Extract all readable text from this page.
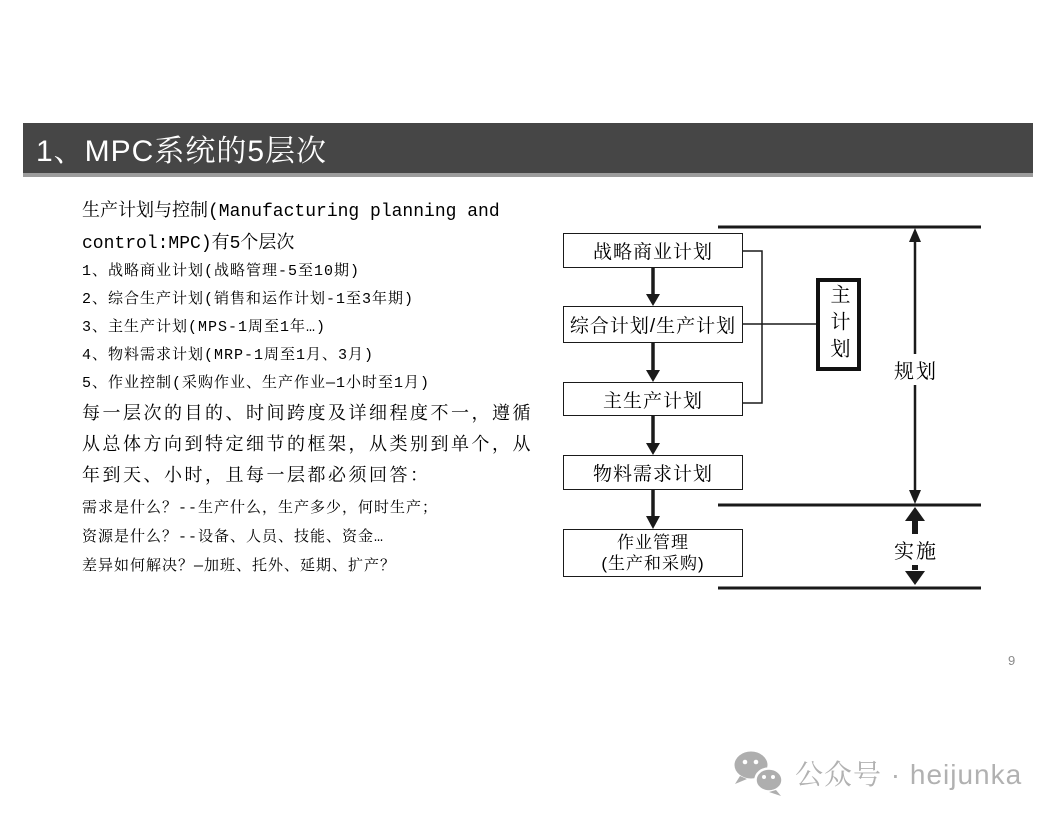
1、MPC系统的5层次
生产计划与控制(Manufacturing planning and
control:MPC)有5个层次
1、战略商业计划(战略管理-5至10期)
2、综合生产计划(销售和运作计划-1至3年期)
3、主生产计划(MPS-1周至1年…)
4、物料需求计划(MRP-1周至1月、3月)
5、作业控制(采购作业、生产作业—1小时至1月)
每一层次的目的、时间跨度及详细程度不一，遵循
从总体方向到特定细节的框架，从类别到单个，从
年到天、小时，且每一层都必须回答：
需求是什么？--生产什么，生产多少，何时生产；
资源是什么？--设备、人员、技能、资金…
差异如何解决？—加班、托外、延期、扩产？
战略商业计划
综合计划/生产计划
主生产计划
物料需求计划
作业管理
(生产和采购)
主计划
规划
实施
9
公众号 · heijunka
